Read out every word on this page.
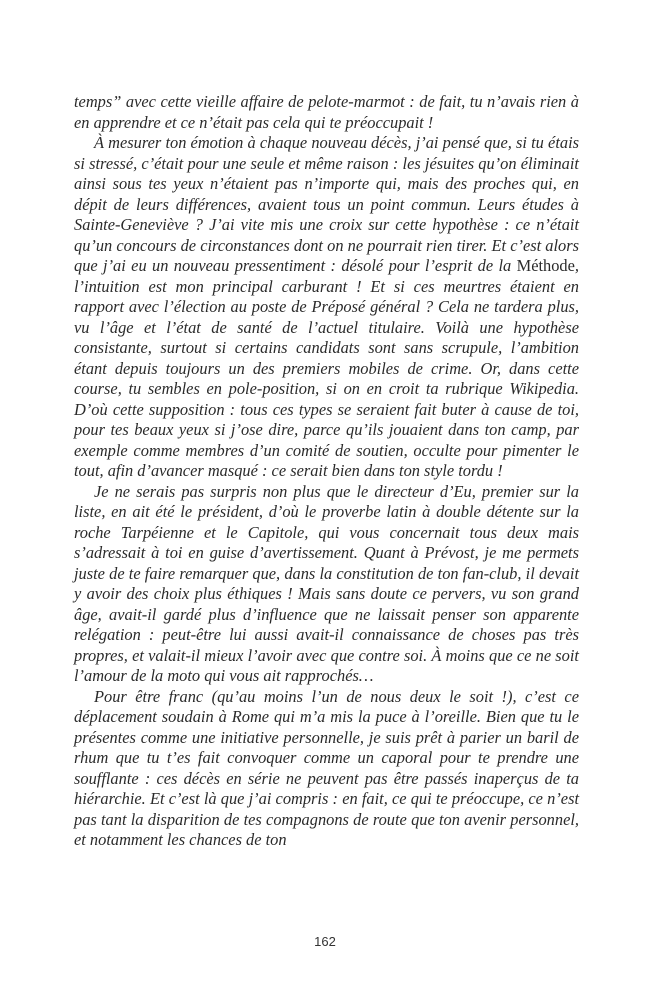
temps” avec cette vieille affaire de pelote-marmot : de fait, tu n’avais rien à en apprendre et ce n’était pas cela qui te préoccupait !

À mesurer ton émotion à chaque nouveau décès, j’ai pensé que, si tu étais si stressé, c’était pour une seule et même raison : les jésuites qu’on éliminait ainsi sous tes yeux n’étaient pas n’importe qui, mais des proches qui, en dépit de leurs différences, avaient tous un point commun. Leurs études à Sainte-Geneviève ? J’ai vite mis une croix sur cette hypothèse : ce n’était qu’un concours de circonstances dont on ne pourrait rien tirer. Et c’est alors que j’ai eu un nouveau pressentiment : désolé pour l’esprit de la Méthode, l’intuition est mon principal carburant ! Et si ces meurtres étaient en rapport avec l’élection au poste de Préposé général ? Cela ne tardera plus, vu l’âge et l’état de santé de l’actuel titulaire. Voilà une hypothèse consistante, surtout si certains candidats sont sans scrupule, l’ambition étant depuis toujours un des premiers mobiles de crime. Or, dans cette course, tu sembles en pole-position, si on en croit ta rubrique Wikipedia. D’où cette supposition : tous ces types se seraient fait buter à cause de toi, pour tes beaux yeux si j’ose dire, parce qu’ils jouaient dans ton camp, par exemple comme membres d’un comité de soutien, occulte pour pimenter le tout, afin d’avancer masqué : ce serait bien dans ton style tordu !

Je ne serais pas surpris non plus que le directeur d’Eu, premier sur la liste, en ait été le président, d’où le proverbe latin à double détente sur la roche Tarpéienne et le Capitole, qui vous concernait tous deux mais s’adressait à toi en guise d’avertissement. Quant à Prévost, je me permets juste de te faire remarquer que, dans la constitution de ton fan-club, il devait y avoir des choix plus éthiques ! Mais sans doute ce pervers, vu son grand âge, avait-il gardé plus d’influence que ne laissait penser son apparente relégation : peut-être lui aussi avait-il connaissance de choses pas très propres, et valait-il mieux l’avoir avec que contre soi. À moins que ce ne soit l’amour de la moto qui vous ait rapprochés…

Pour être franc (qu’au moins l’un de nous deux le soit !), c’est ce déplacement soudain à Rome qui m’a mis la puce à l’oreille. Bien que tu le présentes comme une initiative personnelle, je suis prêt à parier un baril de rhum que tu t’es fait convoquer comme un caporal pour te prendre une soufflante : ces décès en série ne peuvent pas être passés inaperçus de ta hiérarchie. Et c’est là que j’ai compris : en fait, ce qui te préoccupe, ce n’est pas tant la disparition de tes compagnons de route que ton avenir personnel, et notamment les chances de ton

162
